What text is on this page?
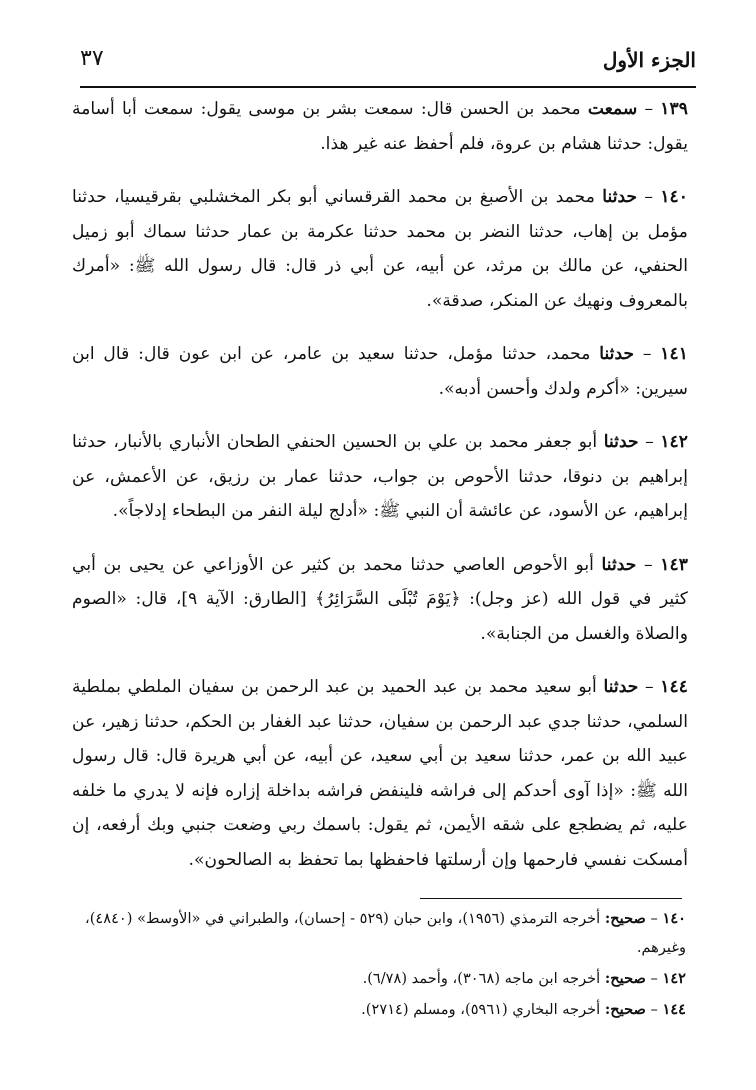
الجزء الأول
٣٧

١٣٩ – سمعت محمد بن الحسن قال: سمعت بشر بن موسى يقول: سمعت أبا أسامة يقول: حدثنا هشام بن عروة، فلم أحفظ عنه غير هذا.

١٤٠ – حدثنا محمد بن الأصبغ بن محمد القرقساني أبو بكر المخشلبي بقرقيسيا، حدثنا مؤمل بن إهاب، حدثنا النضر بن محمد حدثنا عكرمة بن عمار حدثنا سماك أبو زميل الحنفي، عن مالك بن مرثد، عن أبيه، عن أبي ذر قال: قال رسول الله ﷺ: «أمرك بالمعروف ونهيك عن المنكر، صدقة».

١٤١ – حدثنا محمد، حدثنا مؤمل، حدثنا سعيد بن عامر، عن ابن عون قال: قال ابن سيرين: «أكرم ولدك وأحسن أدبه».

١٤٢ – حدثنا أبو جعفر محمد بن علي بن الحسين الحنفي الطحان الأنباري بالأنبار، حدثنا إبراهيم بن دنوقا، حدثنا الأحوص بن جواب، حدثنا عمار بن رزيق، عن الأعمش، عن إبراهيم، عن الأسود، عن عائشة أن النبي ﷺ: «أدلج ليلة النفر من البطحاء إدلاجاً».

١٤٣ – حدثنا أبو الأحوص العاصي حدثنا محمد بن كثير عن الأوزاعي عن يحيى بن أبي كثير في قول الله (عز وجل): ﴿يَوْمَ تُبْلَى السَّرَائِرُ﴾ [الطارق: الآية ٩]، قال: «الصوم والصلاة والغسل من الجنابة».

١٤٤ – حدثنا أبو سعيد محمد بن عبد الحميد بن عبد الرحمن بن سفيان الملطي بملطية السلمي، حدثنا جدي عبد الرحمن بن سفيان، حدثنا عبد الغفار بن الحكم، حدثنا زهير، عن عبيد الله بن عمر، حدثنا سعيد بن أبي سعيد، عن أبيه، عن أبي هريرة قال: قال رسول الله ﷺ: «إذا آوى أحدكم إلى فراشه فلينفض فراشه بداخلة إزاره فإنه لا يدري ما خلفه عليه، ثم يضطجع على شقه الأيمن، ثم يقول: باسمك ربي وضعت جنبي وبك أرفعه، إن أمسكت نفسي فارحمها وإن أرسلتها فاحفظها بما تحفظ به الصالحون».

١٤٠ – صحيح: أخرجه الترمذي (١٩٥٦)، وابن حبان (٥٢٩ - إحسان)، والطبراني في «الأوسط» (٤٨٤٠)، وغيرهم.

١٤٢ – صحيح: أخرجه ابن ماجه (٣٠٦٨)، وأحمد (٦/٧٨).

١٤٤ – صحيح: أخرجه البخاري (٥٩٦١)، ومسلم (٢٧١٤).
